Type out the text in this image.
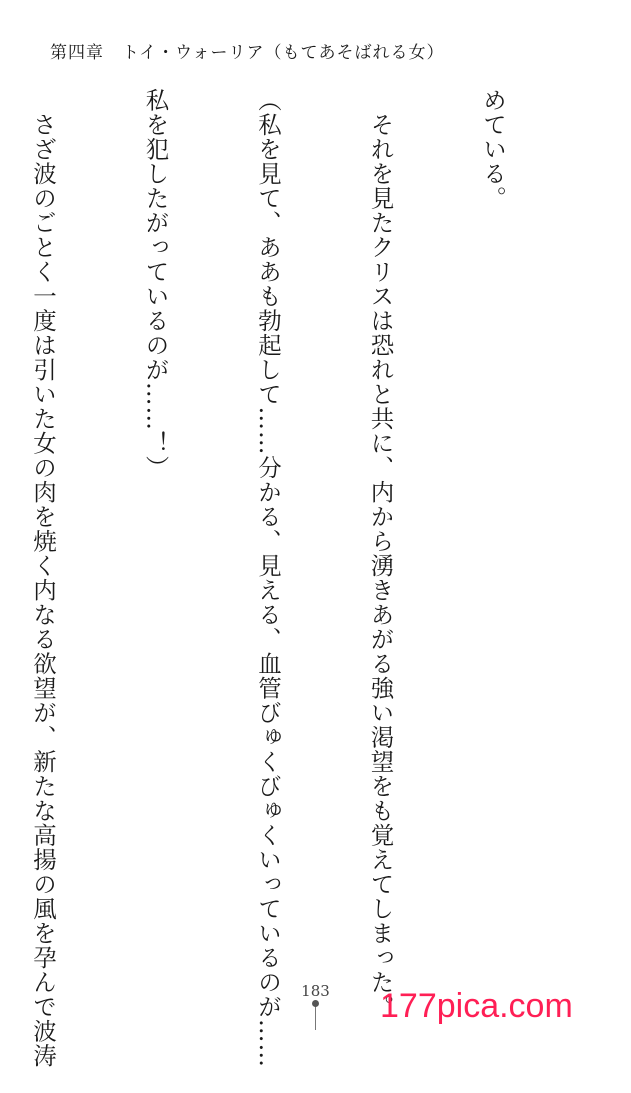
第四章 トイ・ウォーリア（もてあそばれる女）

めている。

　それを見たクリスは恐れと共に、内から湧きあがる強い渇望をも覚えてしまった。

（私を見て、ああも勃起して……分かる、見える、血管びゅくびゅくいっているのが……

私を犯したがっているのが……！）

　さざ波のごとく一度は引いた女の肉を焼く内なる欲望が、新たな高揚の風を孕んで波涛

	183	177pica.com
